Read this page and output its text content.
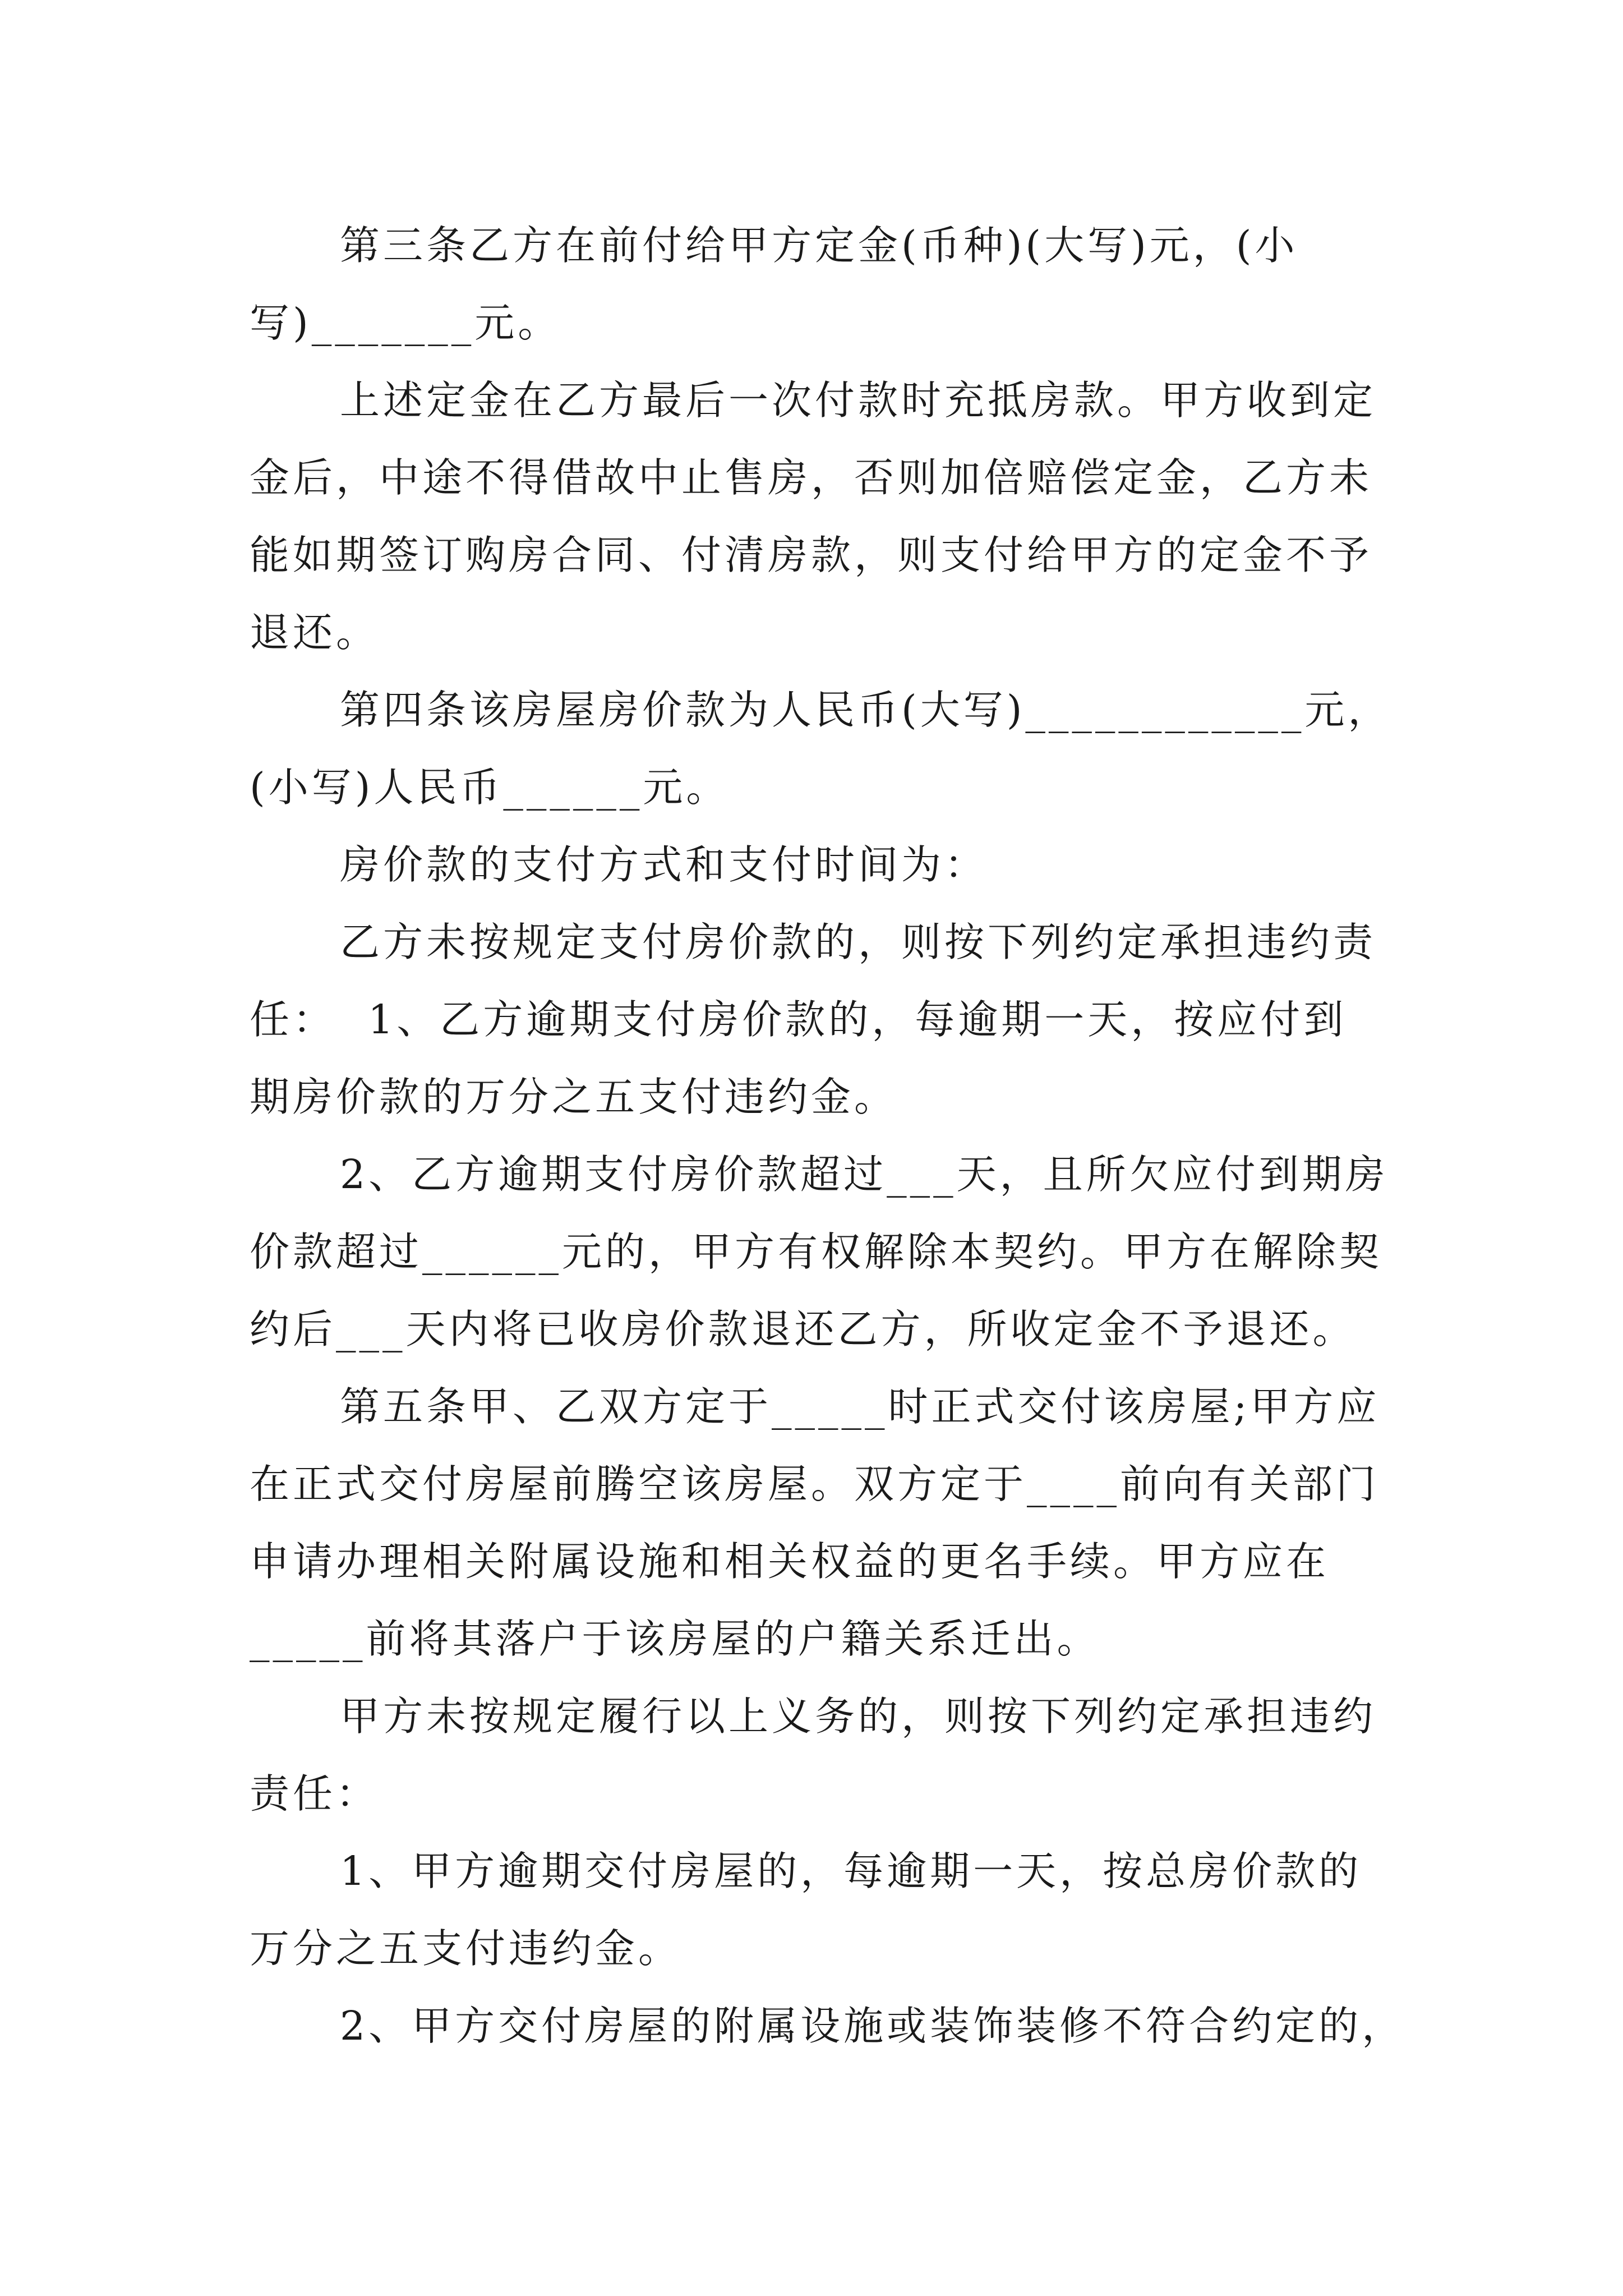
第三条乙方在前付给甲方定金(币种)(大写)元，(小
写)_______元。
上述定金在乙方最后一次付款时充抵房款。甲方收到定
金后，中途不得借故中止售房，否则加倍赔偿定金，乙方未
能如期签订购房合同、付清房款，则支付给甲方的定金不予
退还。
第四条该房屋房价款为人民币(大写)____________元，
(小写)人民币______元。
房价款的支付方式和支付时间为：
乙方未按规定支付房价款的，则按下列约定承担违约责
任：  1、乙方逾期支付房价款的，每逾期一天，按应付到
期房价款的万分之五支付违约金。
2、乙方逾期支付房价款超过___天，且所欠应付到期房
价款超过______元的，甲方有权解除本契约。甲方在解除契
约后___天内将已收房价款退还乙方，所收定金不予退还。
第五条甲、乙双方定于_____时正式交付该房屋;甲方应
在正式交付房屋前腾空该房屋。双方定于____前向有关部门
申请办理相关附属设施和相关权益的更名手续。甲方应在
_____前将其落户于该房屋的户籍关系迁出。
甲方未按规定履行以上义务的，则按下列约定承担违约
责任：
1、甲方逾期交付房屋的，每逾期一天，按总房价款的
万分之五支付违约金。
2、甲方交付房屋的附属设施或装饰装修不符合约定的，
